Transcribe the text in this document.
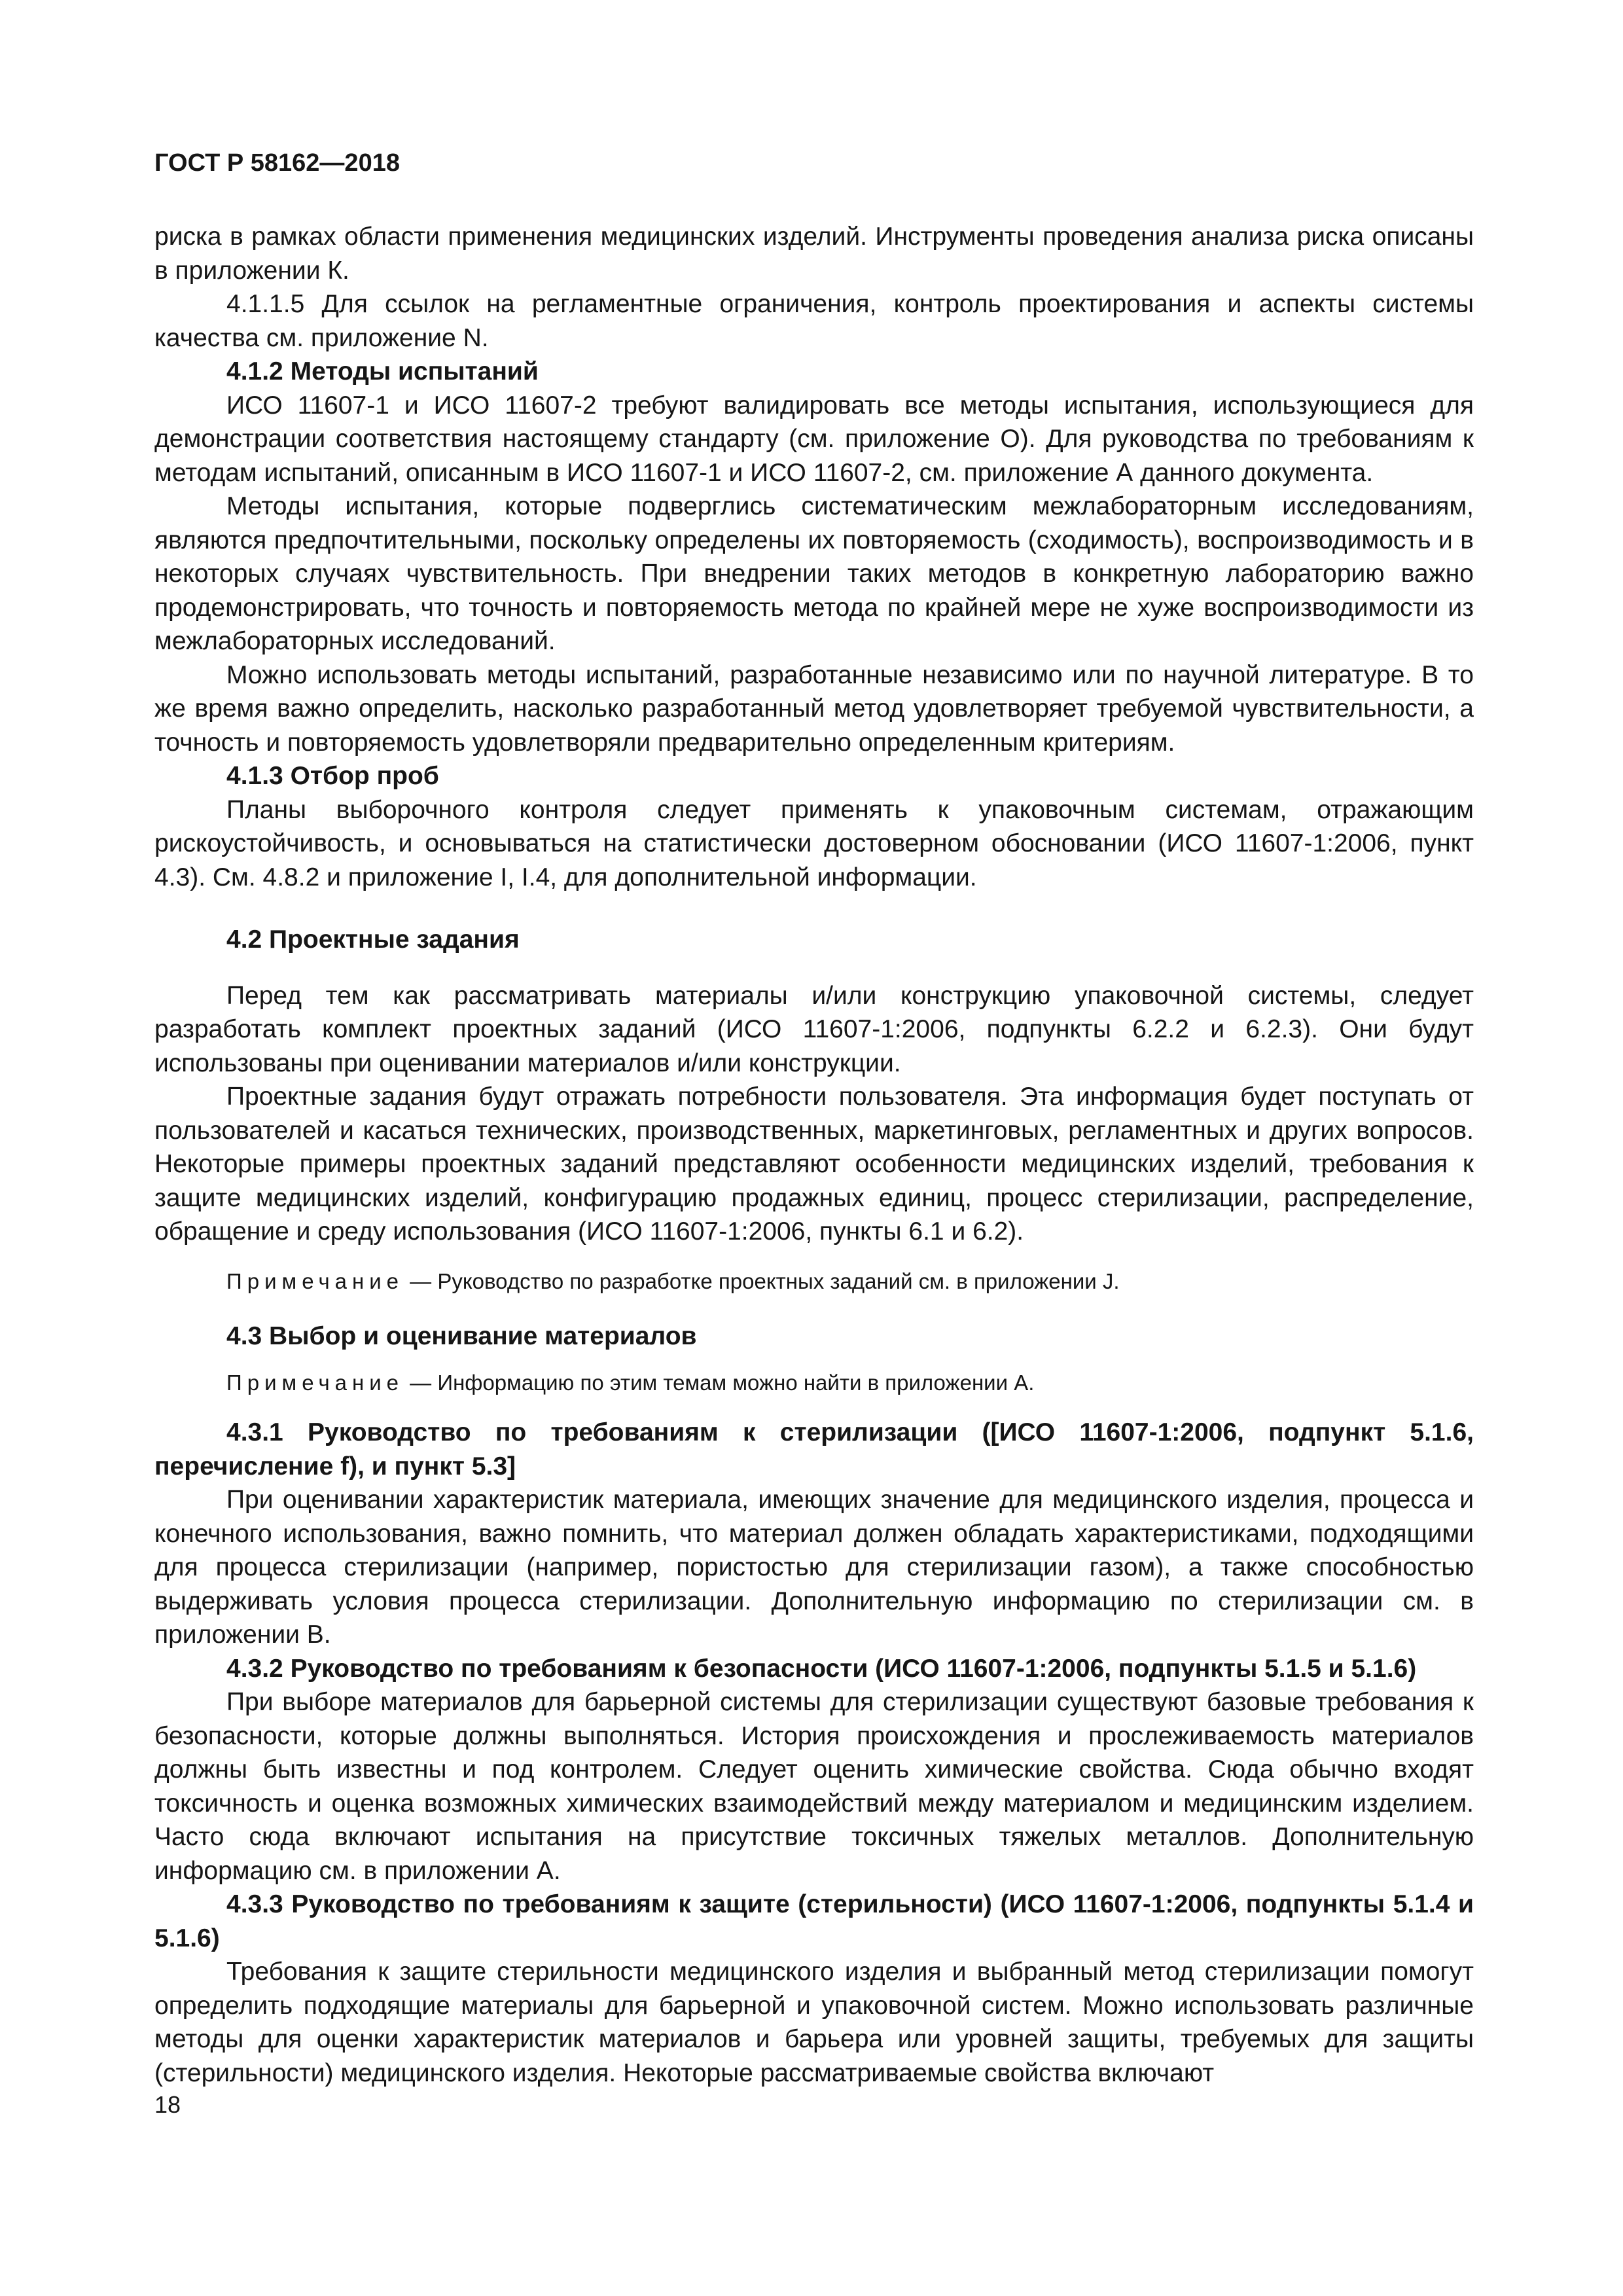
ГОСТ Р 58162—2018

риска в рамках области применения медицинских изделий. Инструменты проведения анализа риска описаны в приложении К.

4.1.1.5 Для ссылок на регламентные ограничения, контроль проектирования и аспекты системы качества см. приложение N.

4.1.2 Методы испытаний

ИСО 11607-1 и ИСО 11607-2 требуют валидировать все методы испытания, использующиеся для демонстрации соответствия настоящему стандарту (см. приложение О). Для руководства по требованиям к методам испытаний, описанным в ИСО 11607-1 и ИСО 11607-2, см. приложение А данного документа.

Методы испытания, которые подверглись систематическим межлабораторным исследованиям, являются предпочтительными, поскольку определены их повторяемость (сходимость), воспроизводимость и в некоторых случаях чувствительность. При внедрении таких методов в конкретную лабораторию важно продемонстрировать, что точность и повторяемость метода по крайней мере не хуже воспроизводимости из межлабораторных исследований.

Можно использовать методы испытаний, разработанные независимо или по научной литературе. В то же время важно определить, насколько разработанный метод удовлетворяет требуемой чувствительности, а точность и повторяемость удовлетворяли предварительно определенным критериям.

4.1.3 Отбор проб

Планы выборочного контроля следует применять к упаковочным системам, отражающим рискоустойчивость, и основываться на статистически достоверном обосновании (ИСО 11607-1:2006, пункт 4.3). См. 4.8.2 и приложение I, I.4, для дополнительной информации.

4.2 Проектные задания

Перед тем как рассматривать материалы и/или конструкцию упаковочной системы, следует разработать комплект проектных заданий (ИСО 11607-1:2006, подпункты 6.2.2 и 6.2.3). Они будут использованы при оценивании материалов и/или конструкции.

Проектные задания будут отражать потребности пользователя. Эта информация будет поступать от пользователей и касаться технических, производственных, маркетинговых, регламентных и других вопросов. Некоторые примеры проектных заданий представляют особенности медицинских изделий, требования к защите медицинских изделий, конфигурацию продажных единиц, процесс стерилизации, распределение, обращение и среду использования (ИСО 11607-1:2006, пункты 6.1 и 6.2).

Примечание — Руководство по разработке проектных заданий см. в приложении J.

4.3 Выбор и оценивание материалов

Примечание — Информацию по этим темам можно найти в приложении А.

4.3.1 Руководство по требованиям к стерилизации ([ИСО 11607-1:2006, подпункт 5.1.6, перечисление f), и пункт 5.3]

При оценивании характеристик материала, имеющих значение для медицинского изделия, процесса и конечного использования, важно помнить, что материал должен обладать характеристиками, подходящими для процесса стерилизации (например, пористостью для стерилизации газом), а также способностью выдерживать условия процесса стерилизации. Дополнительную информацию по стерилизации см. в приложении В.

4.3.2 Руководство по требованиям к безопасности (ИСО 11607-1:2006, подпункты 5.1.5 и 5.1.6)

При выборе материалов для барьерной системы для стерилизации существуют базовые требования к безопасности, которые должны выполняться. История происхождения и прослеживаемость материалов должны быть известны и под контролем. Следует оценить химические свойства. Сюда обычно входят токсичность и оценка возможных химических взаимодействий между материалом и медицинским изделием. Часто сюда включают испытания на присутствие токсичных тяжелых металлов. Дополнительную информацию см. в приложении А.

4.3.3 Руководство по требованиям к защите (стерильности) (ИСО 11607-1:2006, подпункты 5.1.4 и 5.1.6)

Требования к защите стерильности медицинского изделия и выбранный метод стерилизации помогут определить подходящие материалы для барьерной и упаковочной систем. Можно использовать различные методы для оценки характеристик материалов и барьера или уровней защиты, требуемых для защиты (стерильности) медицинского изделия. Некоторые рассматриваемые свойства включают

18
